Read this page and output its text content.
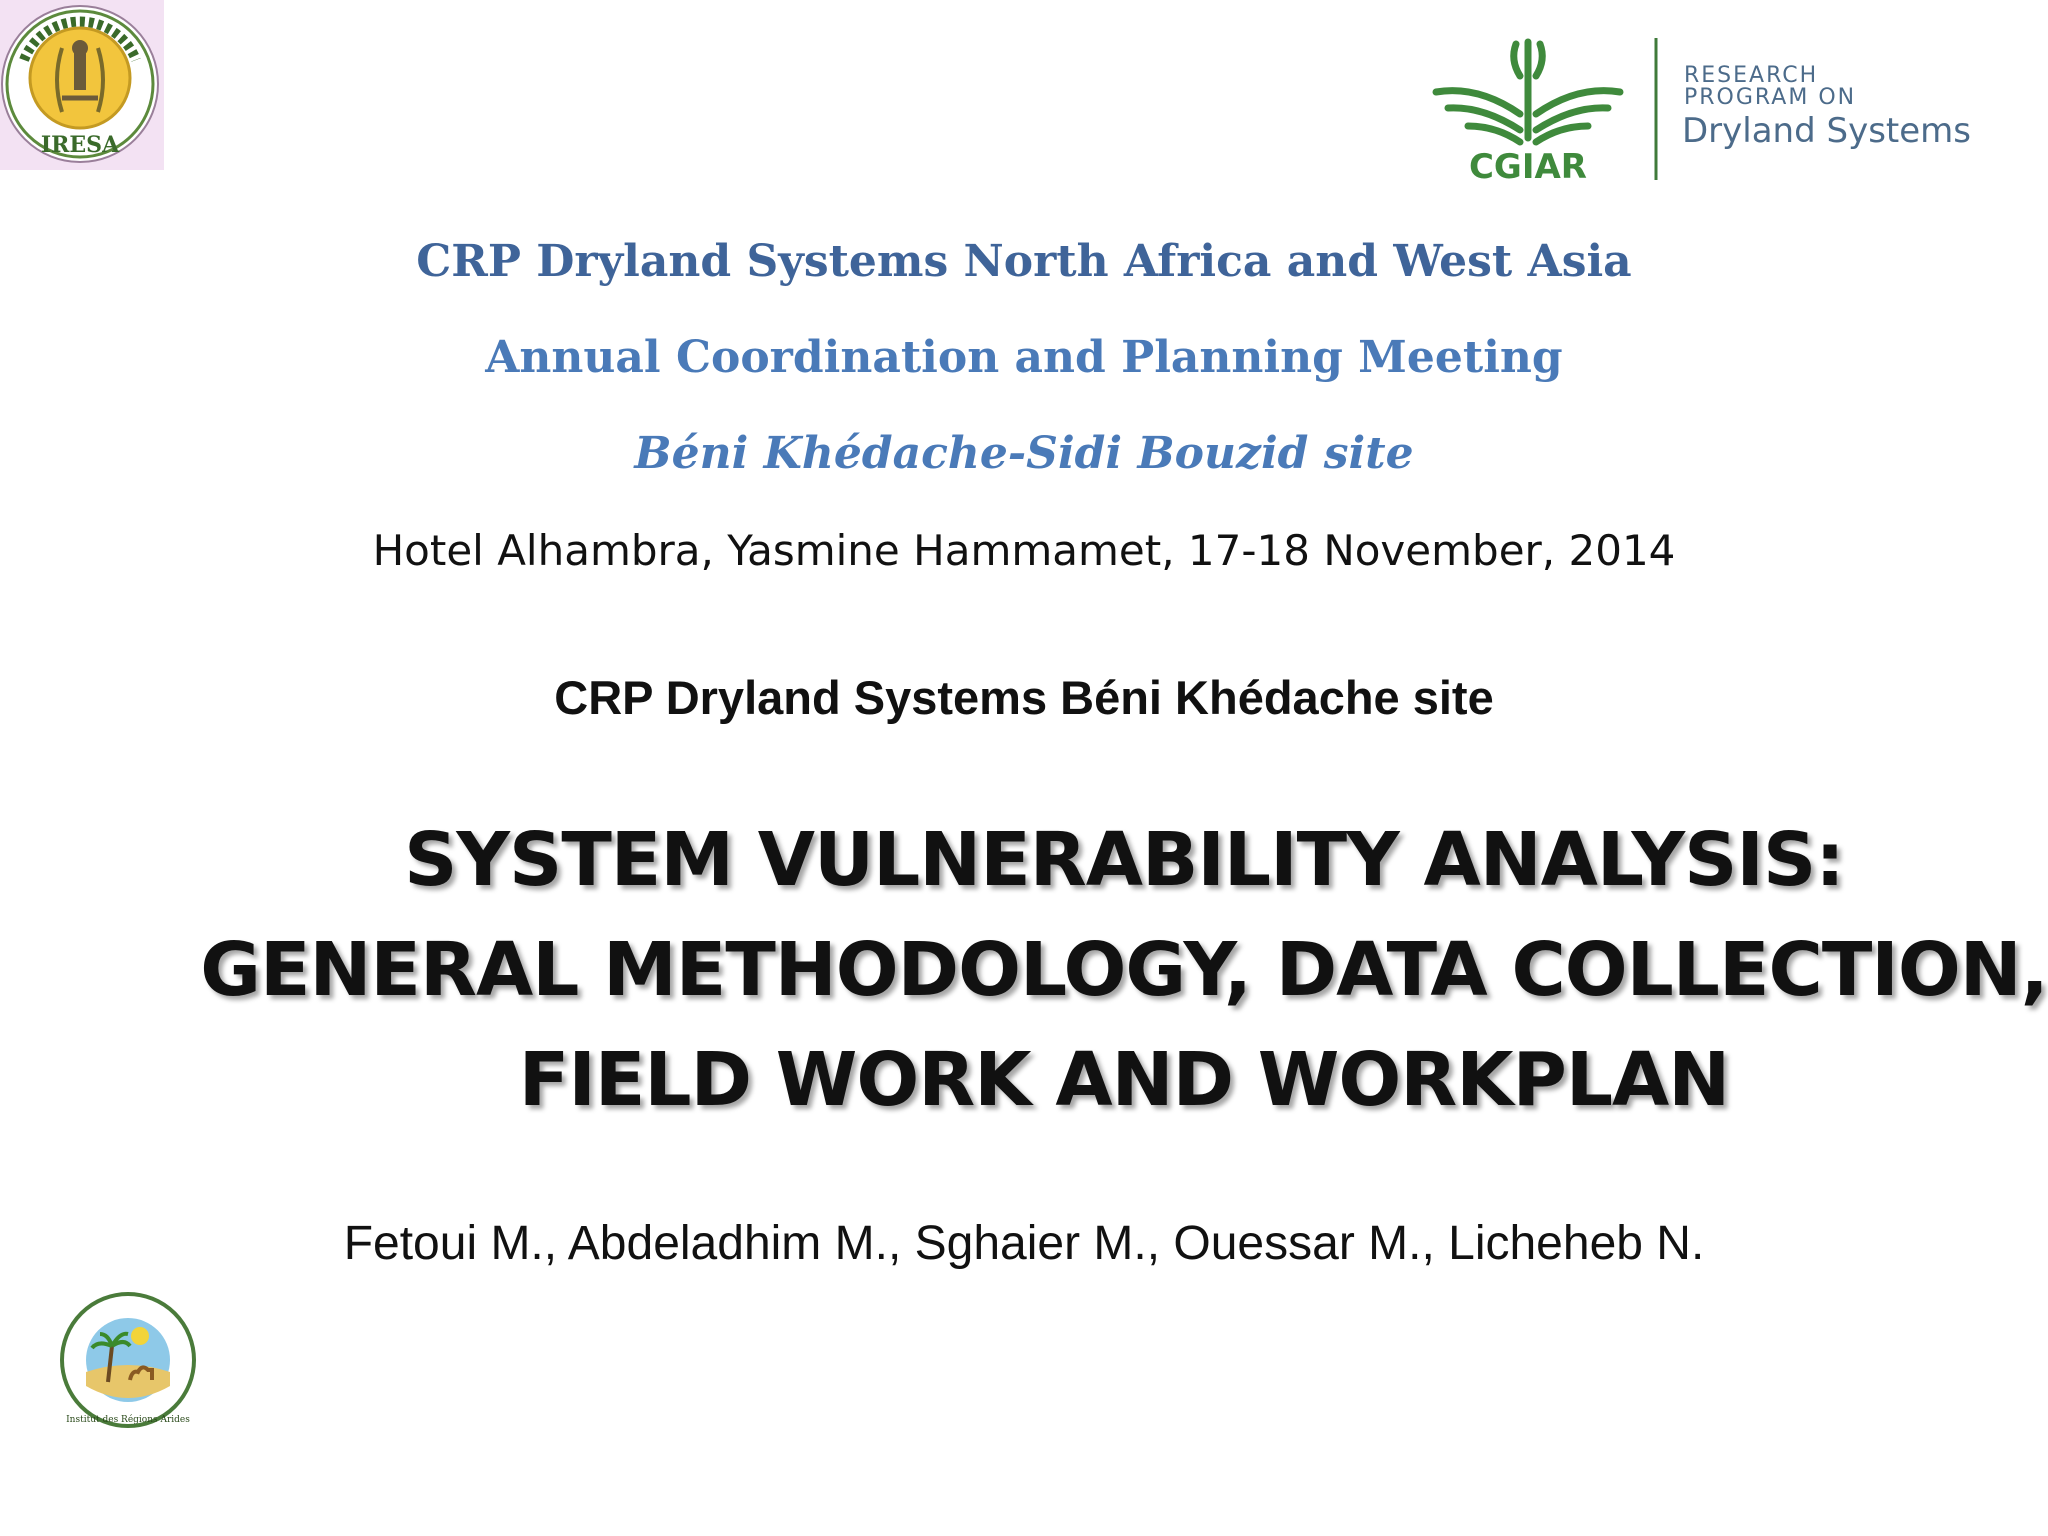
IRESA
CGIAR
RESEARCH
PROGRAM ON
Dryland Systems

CRP Dryland Systems North Africa and West Asia

Annual Coordination and Planning Meeting

Béni Khédache-Sidi Bouzid site

Hotel Alhambra, Yasmine Hammamet, 17-18 November, 2014

CRP Dryland Systems Béni Khédache site

SYSTEM VULNERABILITY ANALYSIS:
GENERAL METHODOLOGY, DATA COLLECTION,
FIELD WORK AND WORKPLAN

Fetoui M., Abdeladhim M., Sghaier M., Ouessar M., Licheheb N.

Institut des Régions Arides
